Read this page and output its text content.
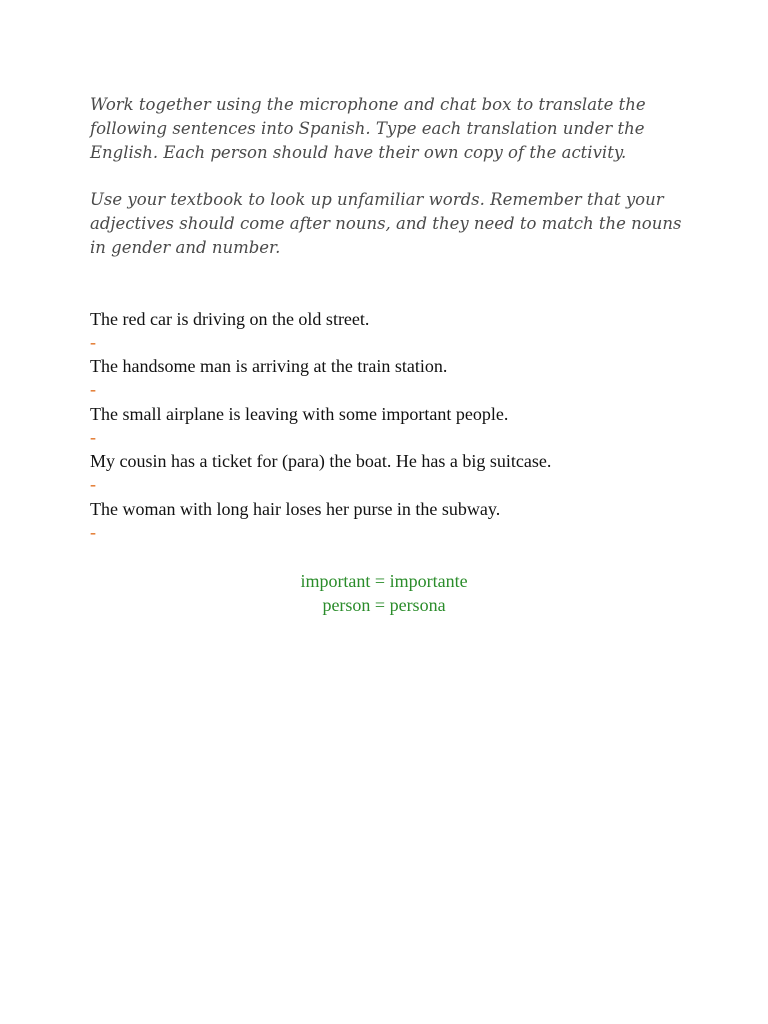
Work together using the microphone and chat box to translate the following sentences into Spanish. Type each translation under the English. Each person should have their own copy of the activity.

Use your textbook to look up unfamiliar words. Remember that your adjectives should come after nouns, and they need to match the nouns in gender and number.

The red car is driving on the old street.
-
The handsome man is arriving at the train station.
-
The small airplane is leaving with some important people.
-
My cousin has a ticket for (para) the boat. He has a big suitcase.
-
The woman with long hair loses her purse in the subway.
-
important = importante
person = persona
